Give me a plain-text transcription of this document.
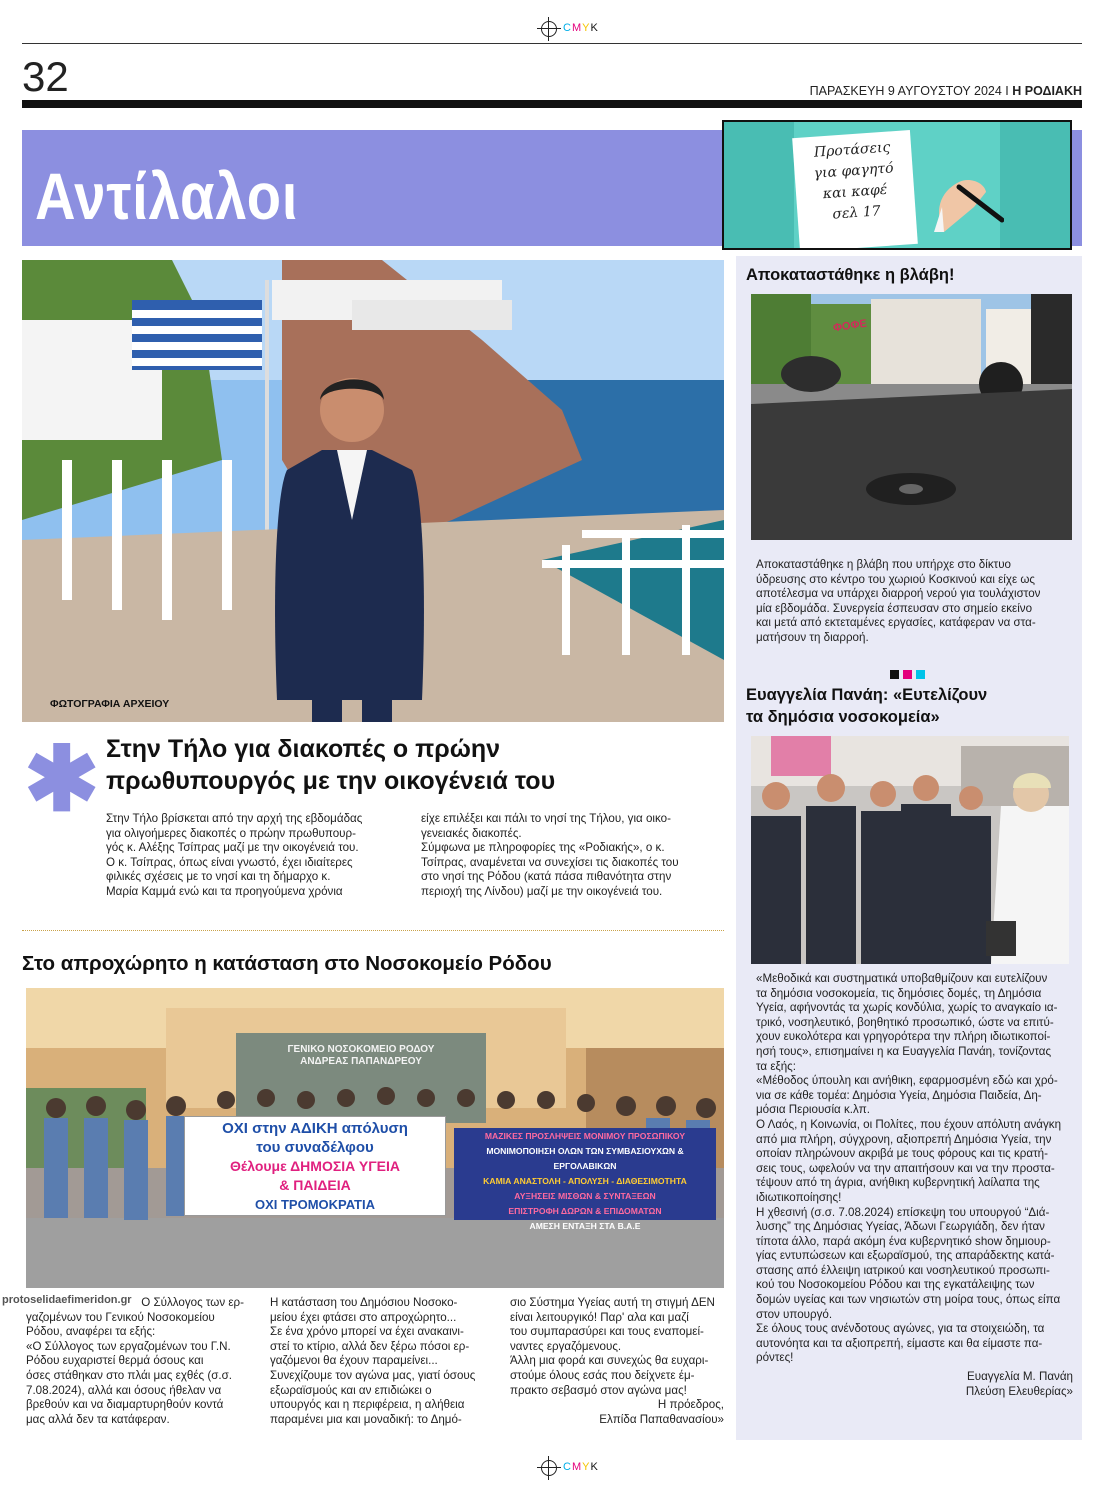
CMYK
CMYK
32	ΠΑΡΑΣΚΕΥΗ 9 ΑΥΓΟΥΣΤΟΥ 2024 I Η ΡΟΔΙΑΚΗ
Αντίλαλοι
Προτάσεις
για φαγητό
και καφέ
σελ 17
ΦΩΤΟΓΡΑΦΙΑ ΑΡΧΕΙΟΥ
✱ Στην Τήλο για διακοπές ο πρώην
πρωθυπουργός με την οικογένειά του
Στην Τήλο βρίσκεται από την αρχή της εβδομάδας
για ολιγοήμερες διακοπές ο πρώην πρωθυπουρ-
γός κ. Αλέξης Τσίπρας μαζί με την οικογένειά του.
Ο κ. Τσίπρας, όπως είναι γνωστό, έχει ιδιαίτερες
φιλικές σχέσεις με το νησί και τη δήμαρχο κ.
Μαρία Καμμά ενώ και τα προηγούμενα χρόνια
είχε επιλέξει και πάλι το νησί της Τήλου, για οικο-
γενειακές διακοπές.
Σύμφωνα με πληροφορίες της «Ροδιακής», ο κ.
Τσίπρας, αναμένεται να συνεχίσει τις διακοπές του
στο νησί της Ρόδου (κατά πάσα πιθανότητα στην
περιοχή της Λίνδου) μαζί με την οικογένειά του.
Στο απροχώρητο η κατάσταση στο Νοσοκομείο Ρόδου
ΓΕΝΙΚΟ ΝΟΣΟΚΟΜΕΙΟ ΡΟΔΟΥ
ΑΝΔΡΕΑΣ ΠΑΠΑΝΔΡΕΟΥ
ΟΧΙ στην ΑΔΙΚΗ απόλυση
του συναδέλφου
Θέλουμε ΔΗΜΟΣΙΑ ΥΓΕΙΑ
& ΠΑΙΔΕΙΑ
ΟΧΙ ΤΡΟΜΟΚΡΑΤΙΑ
ΜΑΖΙΚΕΣ ΠΡΟΣΛΗΨΕΙΣ ΜΟΝΙΜΟΥ ΠΡΟΣΩΠΙΚΟΥ
ΜΟΝΙΜΟΠΟΙΗΣΗ ΟΛΩΝ ΤΩΝ ΣΥΜΒΑΣΙΟΥΧΩΝ & ΕΡΓΟΛΑΒΙΚΩΝ
ΚΑΜΙΑ ΑΝΑΣΤΟΛΗ - ΑΠΟΛΥΣΗ - ΔΙΑΘΕΣΙΜΟΤΗΤΑ
ΑΥΞΗΣΕΙΣ ΜΙΣΘΩΝ & ΣΥΝΤΑΞΕΩΝ
ΕΠΙΣΤΡΟΦΗ ΔΩΡΩΝ & ΕΠΙΔΟΜΑΤΩΝ
ΑΜΕΣΗ ΕΝΤΑΞΗ ΣΤΑ Β.Α.Ε
protoselidaefimeridon.gr Ο Σύλλογος των ερ-
γαζομένων του Γενικού Νοσοκομείου
Ρόδου, αναφέρει τα εξής:
«Ο Σύλλογος των εργαζομένων του Γ.Ν.
Ρόδου ευχαριστεί θερμά όσους και
όσες στάθηκαν στο πλάι μας εχθές (σ.σ.
7.08.2024), αλλά και όσους ήθελαν να
βρεθούν και να διαμαρτυρηθούν κοντά
μας αλλά δεν τα κατάφεραν.
Η κατάσταση του Δημόσιου Νοσοκο-
μείου έχει φτάσει στο απροχώρητο...
Σε ένα χρόνο μπορεί να έχει ανακαινι-
στεί το κτίριο, αλλά δεν ξέρω πόσοι ερ-
γαζόμενοι θα έχουν παραμείνει...
Συνεχίζουμε τον αγώνα μας, γιατί όσους
εξωραϊσμούς και αν επιδιώκει ο
υπουργός και η περιφέρεια, η αλήθεια
παραμένει μια και μοναδική: το Δημό-
σιο Σύστημα Υγείας αυτή τη στιγμή ΔΕΝ
είναι λειτουργικό! Παρ' αλα και μαζί
του συμπαρασύρει και τους εναπομεί-
ναντες εργαζόμενους.
Άλλη μια φορά και συνεχώς θα ευχαρι-
στούμε όλους εσάς που δείχνετε έμ-
πρακτο σεβασμό στον αγώνα μας!
Η πρόεδρος,
Ελπίδα Παπαθανασίου»
Αποκαταστάθηκε η βλάβη!
ΦΟΦΕ
Αποκαταστάθηκε η βλάβη που υπήρχε στο δίκτυο
ύδρευσης στο κέντρο του χωριού Κοσκινού και είχε ως
αποτέλεσμα να υπάρχει διαρροή νερού για τουλάχιστον
μία εβδομάδα. Συνεργεία έσπευσαν στο σημείο εκείνο
και μετά από εκτεταμένες εργασίες, κατάφεραν να στα-
ματήσουν τη διαρροή.
Ευαγγελία Πανάη: «Ευτελίζουν
τα δημόσια νοσοκομεία»
«Μεθοδικά και συστηματικά υποβαθμίζουν και ευτελίζουν
τα δημόσια νοσοκομεία, τις δημόσιες δομές, τη Δημόσια
Υγεία, αφήνοντάς τα χωρίς κονδύλια, χωρίς το αναγκαίο ια-
τρικό, νοσηλευτικό, βοηθητικό προσωπικό, ώστε να επιτύ-
χουν ευκολότερα και γρηγορότερα την πλήρη ιδιωτικοποί-
ησή τους», επισημαίνει η κα Ευαγγελία Πανάη, τονίζοντας
τα εξής:
«Μέθοδος ύπουλη και ανήθικη, εφαρμοσμένη εδώ και χρό-
νια σε κάθε τομέα: Δημόσια Υγεία, Δημόσια Παιδεία, Δη-
μόσια Περιουσία κ.λπ.
Ο Λαός, η Κοινωνία, οι Πολίτες, που έχουν απόλυτη ανάγκη
από μια πλήρη, σύγχρονη, αξιοπρεπή Δημόσια Υγεία, την
οποίαν πληρώνουν ακριβά με τους φόρους και τις κρατή-
σεις τους, ωφελούν να την απαιτήσουν και να την προστα-
τέψουν από τη άγρια, ανήθικη κυβερνητική λαίλαπα της
ιδιωτικοποίησης!
Η χθεσινή (σ.σ. 7.08.2024) επίσκεψη του υπουργού “Διά-
λυσης” της Δημόσιας Υγείας, Άδωνι Γεωργιάδη, δεν ήταν
τίποτα άλλο, παρά ακόμη ένα κυβερνητικό show δημιουρ-
γίας εντυπώσεων και εξωραϊσμού, της απαράδεκτης κατά-
στασης από έλλειψη ιατρικού και νοσηλευτικού προσωπι-
κού του Νοσοκομείου Ρόδου και της εγκατάλειψης των
δομών υγείας και των νησιωτών στη μοίρα τους, όπως είπα
στον υπουργό.
Σε όλους τους ανένδοτους αγώνες, για τα στοιχειώδη, τα
αυτονόητα και τα αξιοπρεπή, είμαστε και θα είμαστε πα-
ρόντες!
Ευαγγελία Μ. Πανάη
Πλεύση Ελευθερίας»
